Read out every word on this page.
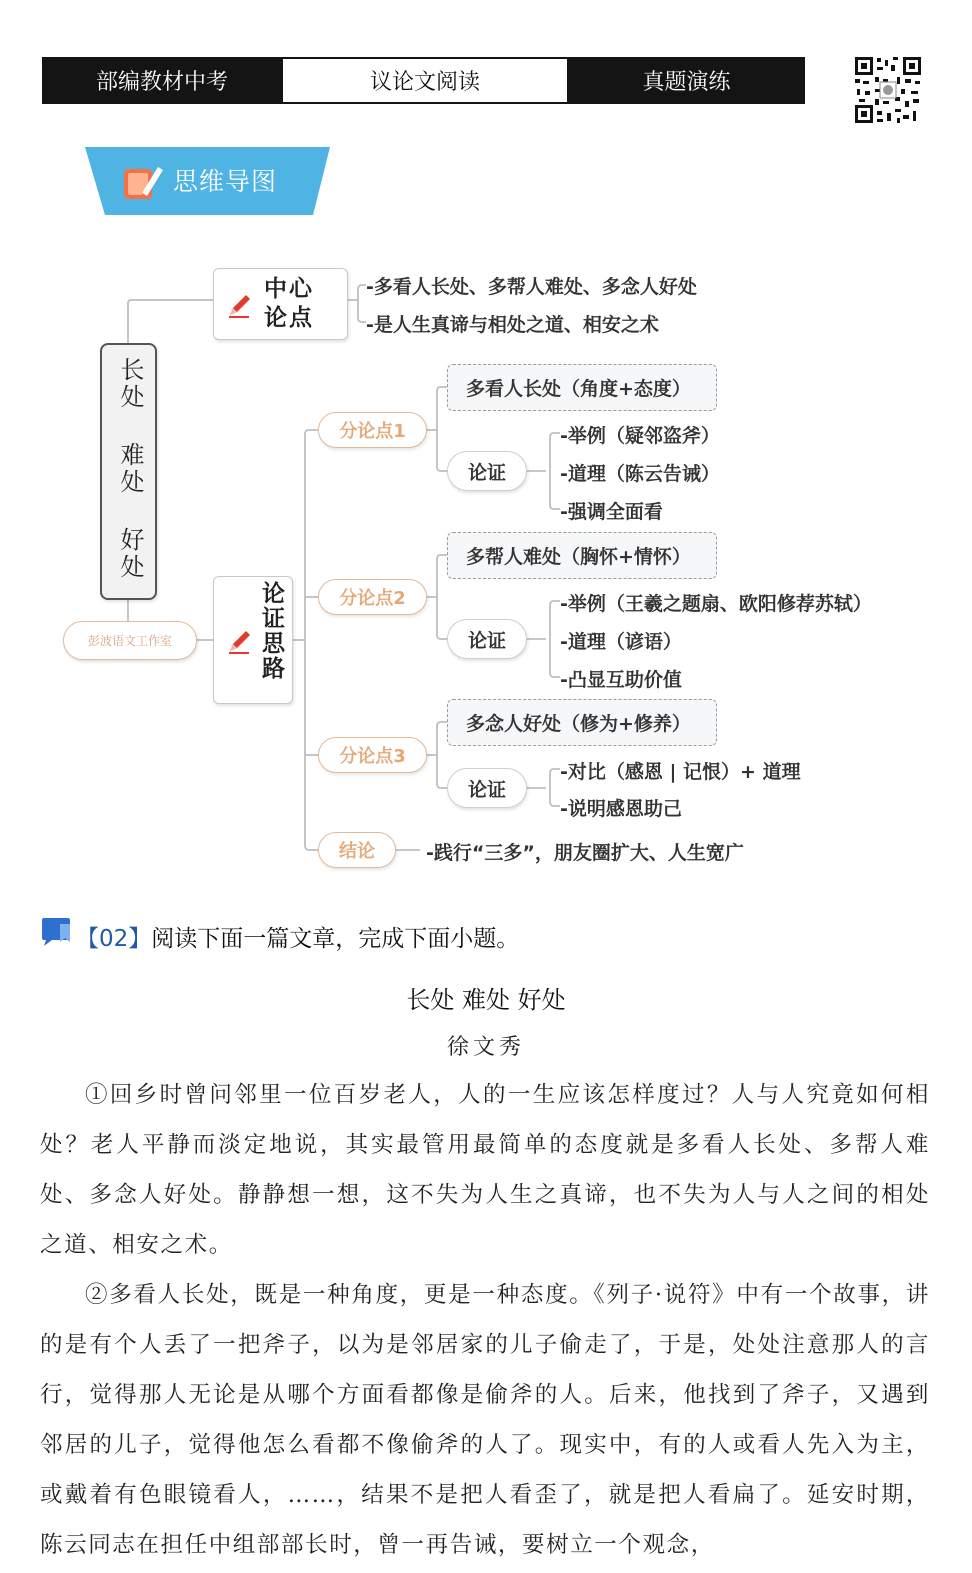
部编教材中考	议论文阅读	真题演练
思维导图
长处 难处 好处
彭波语文工作室
中心论点
-多看人长处、多帮人难处、多念人好处
-是人生真谛与相处之道、相安之术
论证思路
分论点1
多看人长处（角度+态度）
论证
-举例（疑邻盗斧）
-道理（陈云告诫）
-强调全面看
分论点2
多帮人难处（胸怀+情怀）
论证
-举例（王羲之题扇、欧阳修荐苏轼）
-道理（谚语）
-凸显互助价值
分论点3
多念人好处（修为+修养）
论证
-对比（感恩 | 记恨）+ 道理
-说明感恩助己
结论	-践行“三多”，朋友圈扩大、人生宽广
【02】阅读下面一篇文章，完成下面小题。
长处 难处 好处
徐文秀
①回乡时曾问邻里一位百岁老人，人的一生应该怎样度过？人与人究竟如何相处？老人平静而淡定地说，其实最管用最简单的态度就是多看人长处、多帮人难处、多念人好处。静静想一想，这不失为人生之真谛，也不失为人与人之间的相处之道、相安之术。
②多看人长处，既是一种角度，更是一种态度。《列子·说符》中有一个故事，讲的是有个人丢了一把斧子，以为是邻居家的儿子偷走了，于是，处处注意那人的言行，觉得那人无论是从哪个方面看都像是偷斧的人。后来，他找到了斧子，又遇到邻居的儿子，觉得他怎么看都不像偷斧的人了。现实中，有的人或看人先入为主，或戴着有色眼镜看人，……，结果不是把人看歪了，就是把人看扁了。延安时期，陈云同志在担任中组部部长时，曾一再告诫，要树立一个观念，
